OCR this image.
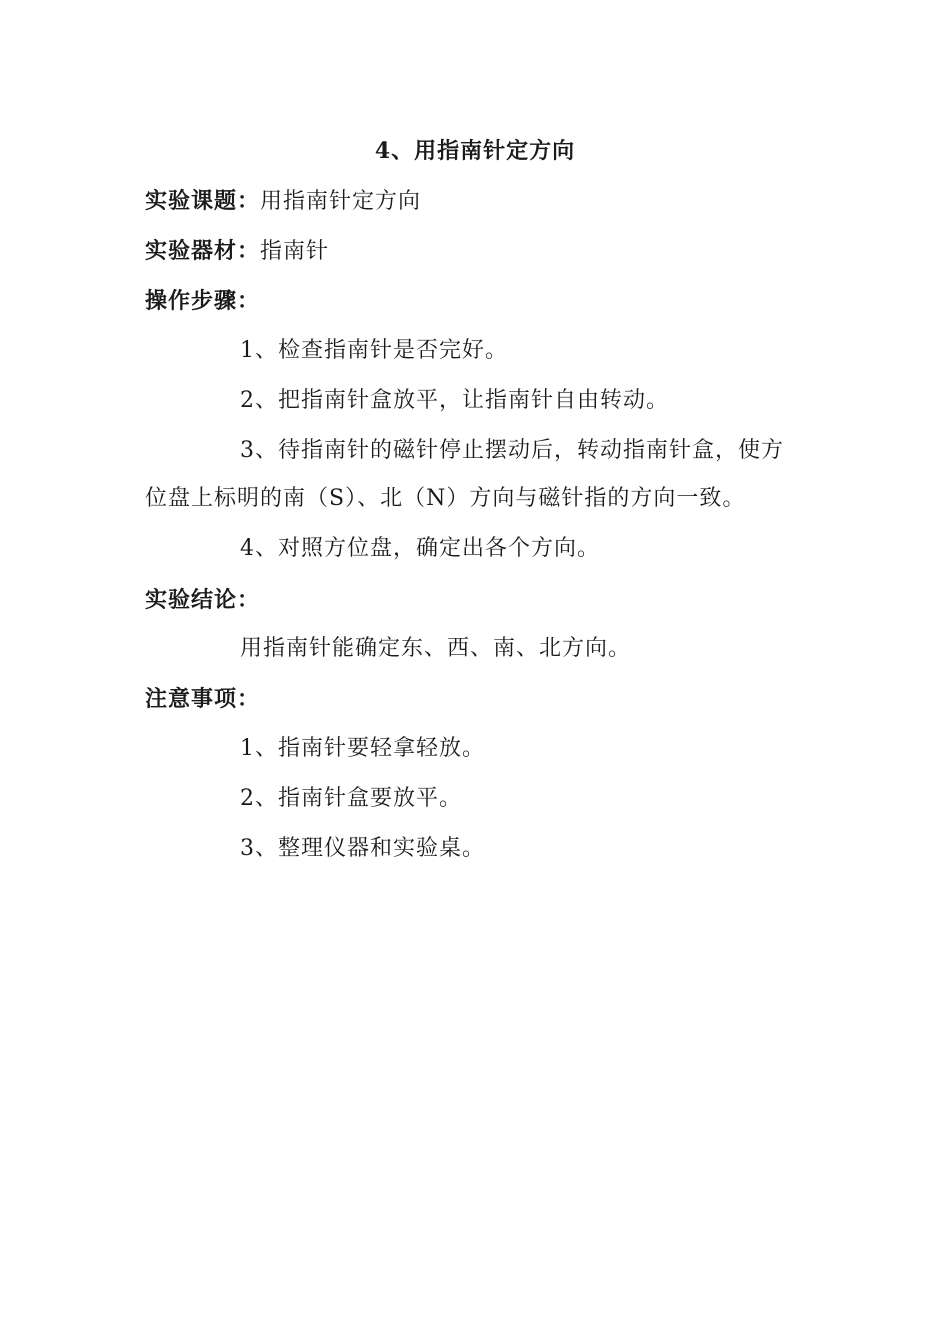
4、用指南针定方向
实验课题：用指南针定方向
实验器材：指南针
操作步骤：
1、检查指南针是否完好。
2、把指南针盒放平，让指南针自由转动。
3、待指南针的磁针停止摆动后，转动指南针盒，使方
位盘上标明的南（S）、北（N）方向与磁针指的方向一致。
4、对照方位盘，确定出各个方向。
实验结论：
用指南针能确定东、西、南、北方向。
注意事项：
1、指南针要轻拿轻放。
2、指南针盒要放平。
3、整理仪器和实验桌。
